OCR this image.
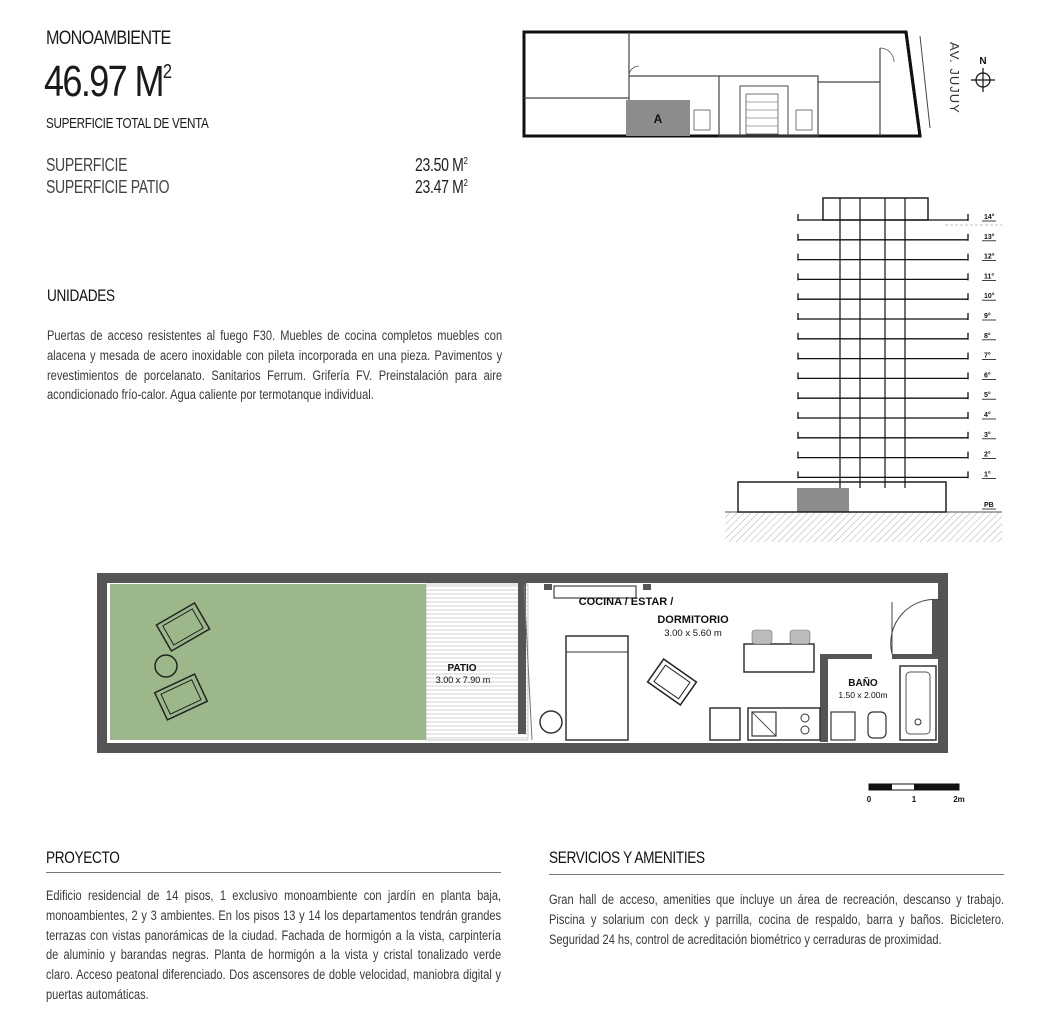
MONOAMBIENTE
46.97 $M^2$
SUPERFICIE TOTAL DE VENTA
SUPERFICIE	23.50 $M^2$
SUPERFICIE PATIO	23.47 $M^2$
UNIDADES
Puertas de acceso resistentes al fuego F30. Muebles de cocina completos muebles con alacena y mesada de acero inoxidable con pileta incorporada en una pieza. Pavimentos y revestimientos de porcelanato. Sanitarios Ferrum. Grifería FV. Preinstalación para aire acondicionado frío-calor. Agua caliente por termotanque individual.
A
AV. JUJUY N
14°
13°
12°
11°
10°
9°
8°
7°
6°
5°
4°
3°
2°
1°
PB
PATIO
3.00 x 7.90 m
COCINA / ESTAR /
DORMITORIO
3.00 x 5.60 m
BAÑO
1.50 x 2.00m
0	1	2m
PROYECTO
Edificio residencial de 14 pisos, 1 exclusivo monoambiente con jardín en planta baja, monoambientes, 2 y 3 ambientes. En los pisos 13 y 14 los departamentos tendrán grandes terrazas con vistas panorámicas de la ciudad. Fachada de hormigón a la vista, carpintería de aluminio y barandas negras. Planta de hormigón a la vista y cristal tonalizado verde claro. Acceso peatonal diferenciado. Dos ascensores de doble velocidad, maniobra digital y puertas automáticas.
SERVICIOS Y AMENITIES
Gran hall de acceso, amenities que incluye un área de recreación, descanso y trabajo. Piscina y solarium con deck y parrilla, cocina de respaldo, barra y baños. Bicicletero. Seguridad 24 hs, control de acreditación biométrico y cerraduras de proximidad.
